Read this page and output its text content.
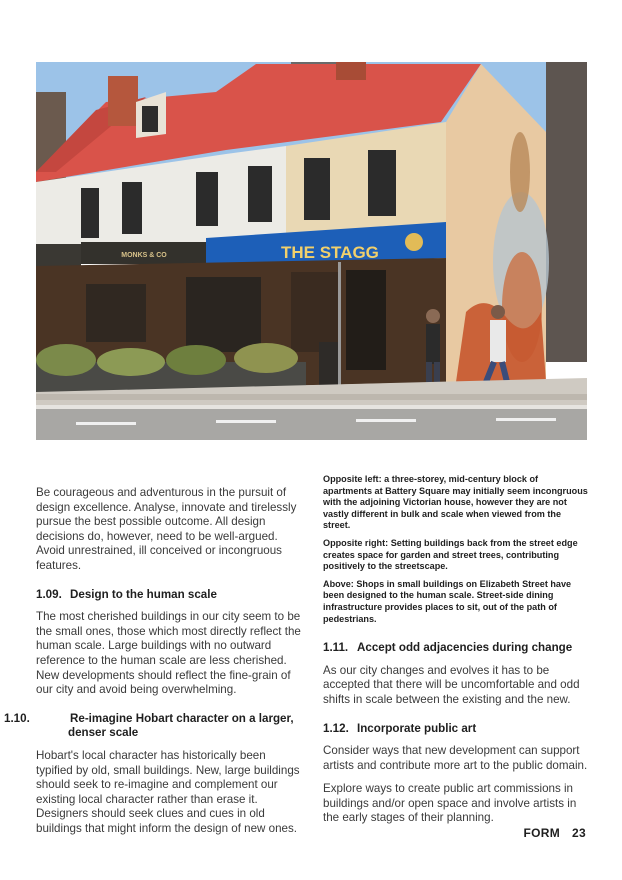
MONKS & CO	THE STAGG

Be courageous and adventurous in the pursuit of design excellence. Analyse, innovate and tirelessly pursue the best possible outcome. All design decisions do, however, need to be well-argued. Avoid unrestrained, ill conceived or incongruous features.

1.09. Design to the human scale

The most cherished buildings in our city seem to be the small ones, those which most directly reflect the human scale. Large buildings with no outward reference to the human scale are less cherished. New developments should reflect the fine-grain of our city and avoid being overwhelming.

1.10.	Re-imagine Hobart character on a larger, denser scale

Hobart's local character has historically been typified by old, small buildings. New, large buildings should seek to re-imagine and complement our existing local character rather than erase it. Designers should seek clues and cues in old buildings that might inform the design of new ones.

Opposite left: a three-storey, mid-century block of apartments at Battery Square may initially seem incongruous with the adjoining Victorian house, however they are not vastly different in bulk and scale when viewed from the street.

Opposite right: Setting buildings back from the street edge creates space for garden and street trees, contributing positively to the streetscape.

Above: Shops in small buildings on Elizabeth Street have been designed to the human scale. Street-side dining infrastructure provides places to sit, out of the path of pedestrians.

1.11. Accept odd adjacencies during change

As our city changes and evolves it has to be accepted that there will be uncomfortable and odd shifts in scale between the existing and the new.

1.12. Incorporate public art

Consider ways that new development can support artists and contribute more art to the public domain.

Explore ways to create public art commissions in buildings and/or open space and involve artists in the early stages of their planning.

FORM 23
